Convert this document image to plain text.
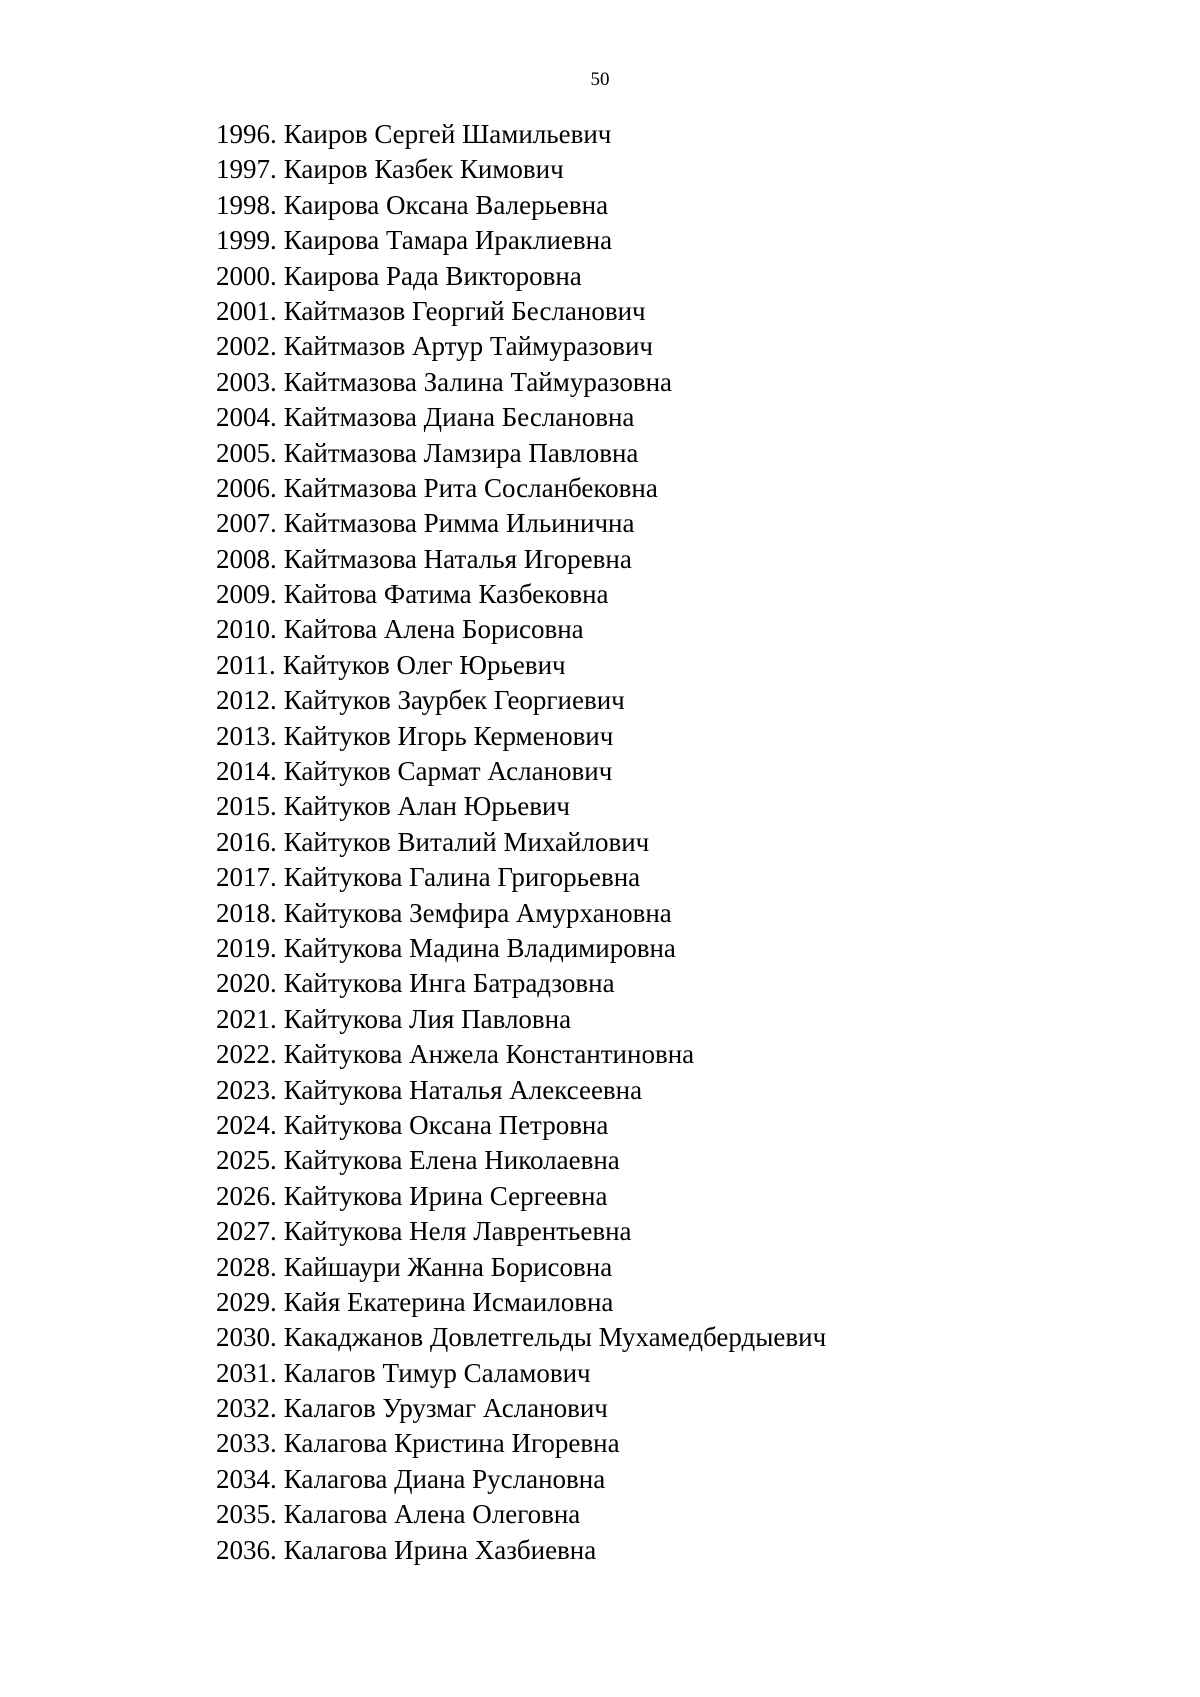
50
1996. Каиров Сергей Шамильевич
1997. Каиров Казбек Кимович
1998. Каирова Оксана Валерьевна
1999. Каирова Тамара Ираклиевна
2000. Каирова Рада Викторовна
2001. Кайтмазов Георгий Бесланович
2002. Кайтмазов Артур Таймуразович
2003. Кайтмазова Залина Таймуразовна
2004. Кайтмазова Диана Беслановна
2005. Кайтмазова Ламзира Павловна
2006. Кайтмазова Рита Сосланбековна
2007. Кайтмазова Римма Ильинична
2008. Кайтмазова Наталья Игоревна
2009. Кайтова Фатима Казбековна
2010. Кайтова Алена Борисовна
2011. Кайтуков Олег Юрьевич
2012. Кайтуков Заурбек Георгиевич
2013. Кайтуков Игорь Керменович
2014. Кайтуков Сармат Асланович
2015. Кайтуков Алан Юрьевич
2016. Кайтуков Виталий Михайлович
2017. Кайтукова Галина Григорьевна
2018. Кайтукова Земфира Амурхановна
2019. Кайтукова Мадина Владимировна
2020. Кайтукова Инга Батрадзовна
2021. Кайтукова Лия Павловна
2022. Кайтукова Анжела Константиновна
2023. Кайтукова Наталья Алексеевна
2024. Кайтукова Оксана Петровна
2025. Кайтукова Елена Николаевна
2026. Кайтукова Ирина Сергеевна
2027. Кайтукова Неля Лаврентьевна
2028. Кайшаури Жанна Борисовна
2029. Кайя Екатерина Исмаиловна
2030. Какаджанов Довлетгельды Мухамедбердыевич
2031. Калагов Тимур Саламович
2032. Калагов Урузмаг Асланович
2033. Калагова Кристина Игоревна
2034. Калагова Диана Руслановна
2035. Калагова Алена Олеговна
2036. Калагова Ирина Хазбиевна
